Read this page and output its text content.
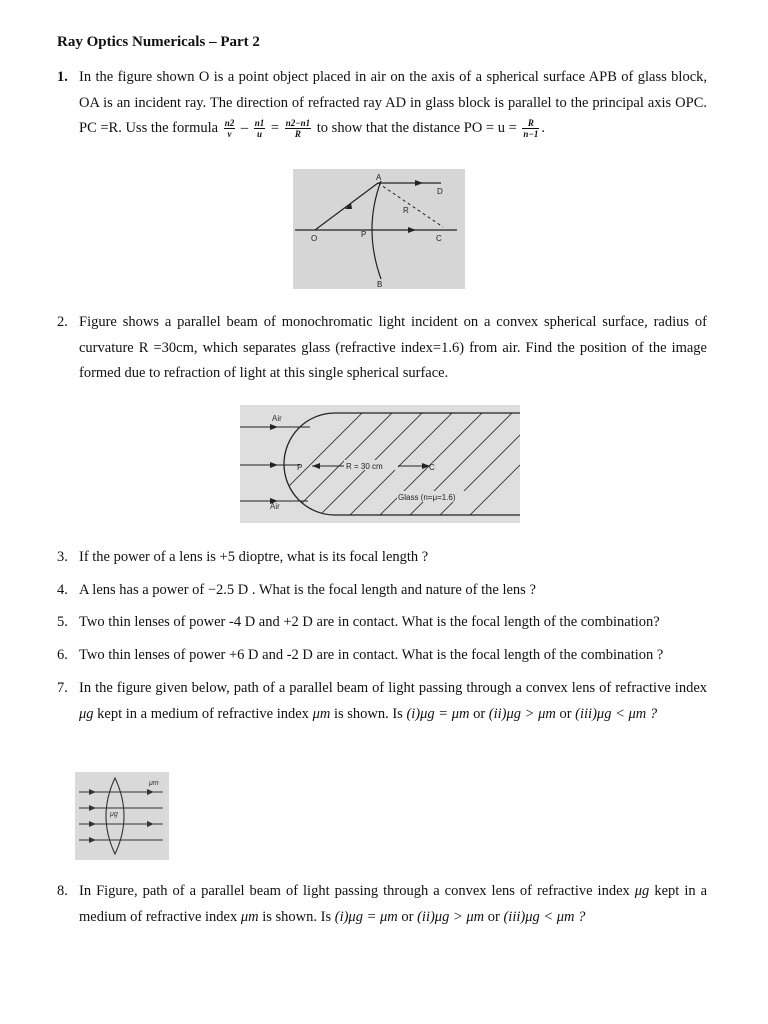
Ray Optics Numericals – Part 2
1. In the figure shown O is a point object placed in air on the axis of a spherical surface APB of glass block, OA is an incident ray. The direction of refracted ray AD in glass block is parallel to the principal axis OPC. PC =R. Uss the formula $\frac{n2}{v} - \frac{n1}{u} = \frac{n2-n1}{R}$ to show that the distance PO = $u = \frac{R}{n-1}$ .
A
D
R
O	P	C
B
2. Figure shows a parallel beam of monochromatic light incident on a convex spherical surface, radius of curvature R =30cm, which separates glass (refractive index=1.6) from air. Find the position of the image formed due to refraction of light at this single spherical surface.
Air
Air
P	R = 30 cm	C
Glass (n=μ=1.6)
3. If the power of a lens is +5 dioptre, what is its focal length ?
4. A lens has a power of −2.5 D . What is the focal length and nature of the lens ?
5. Two thin lenses of power -4 D and +2 D are in contact. What is the focal length of the combination?
6. Two thin lenses of power +6 D and -2 D are in contact. What is the focal length of the combination ?
7. In the figure given below, path of a parallel beam of light passing through a convex lens of refractive index μg kept in a medium of refractive index μm is shown. Is (i)μg = μm or (ii)μg > μm or (iii)μg < μm ?
μm
μg
8. In Figure, path of a parallel beam of light passing through a convex lens of refractive index μg kept in a medium of refractive index μm is shown. Is (i)μg = μm or (ii)μg > μm or (iii)μg < μm ?
